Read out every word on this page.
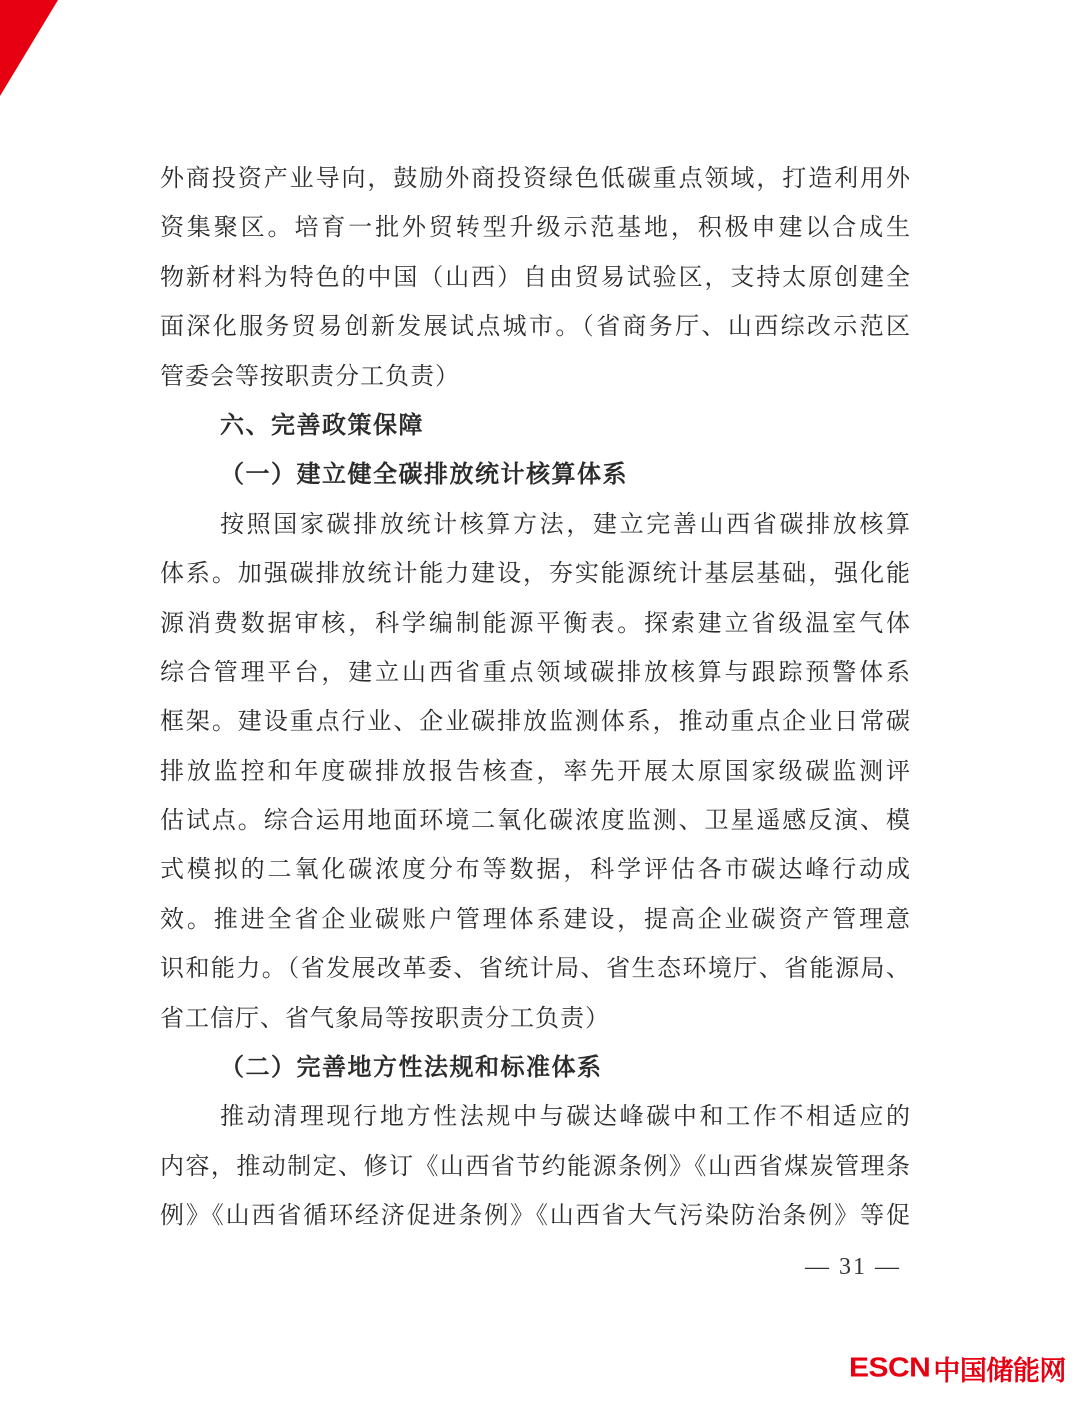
外商投资产业导向，鼓励外商投资绿色低碳重点领域，打造利用外
资集聚区。培育一批外贸转型升级示范基地，积极申建以合成生
物新材料为特色的中国（山西）自由贸易试验区，支持太原创建全
面深化服务贸易创新发展试点城市。（省商务厅、山西综改示范区
管委会等按职责分工负责）
六、完善政策保障
（一）建立健全碳排放统计核算体系
按照国家碳排放统计核算方法，建立完善山西省碳排放核算
体系。加强碳排放统计能力建设，夯实能源统计基层基础，强化能
源消费数据审核，科学编制能源平衡表。探索建立省级温室气体
综合管理平台，建立山西省重点领域碳排放核算与跟踪预警体系
框架。建设重点行业、企业碳排放监测体系，推动重点企业日常碳
排放监控和年度碳排放报告核查，率先开展太原国家级碳监测评
估试点。综合运用地面环境二氧化碳浓度监测、卫星遥感反演、模
式模拟的二氧化碳浓度分布等数据，科学评估各市碳达峰行动成
效。推进全省企业碳账户管理体系建设，提高企业碳资产管理意
识和能力。（省发展改革委、省统计局、省生态环境厅、省能源局、
省工信厅、省气象局等按职责分工负责）
（二）完善地方性法规和标准体系
推动清理现行地方性法规中与碳达峰碳中和工作不相适应的
内容，推动制定、修订《山西省节约能源条例》《山西省煤炭管理条
例》《山西省循环经济促进条例》《山西省大气污染防治条例》等促
— 31 —
ESCN 中国储能网
